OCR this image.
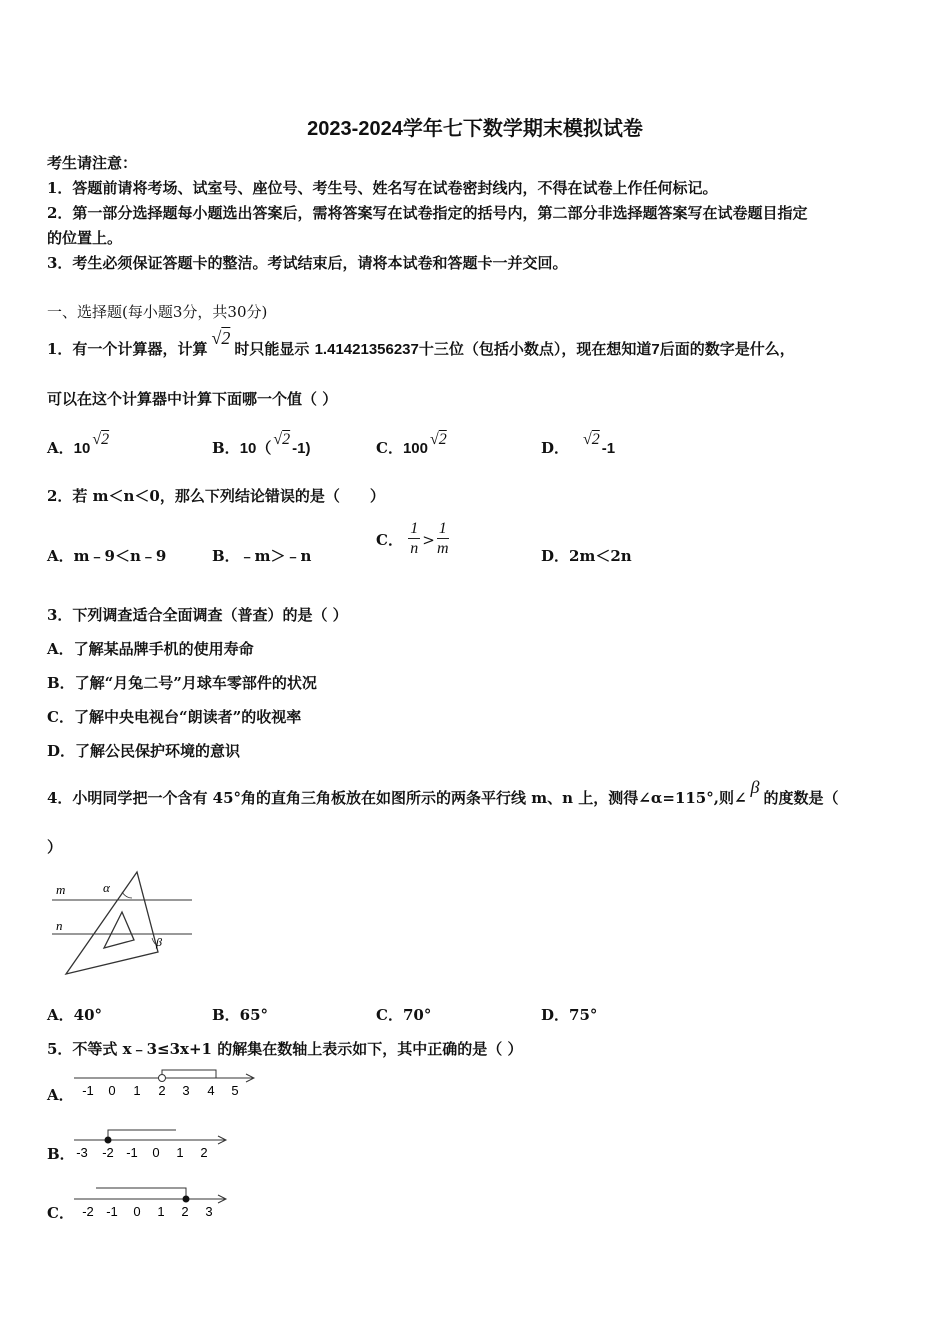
2023-2024学年七下数学期末模拟试卷
考生请注意：
1．答题前请将考场、试室号、座位号、考生号、姓名写在试卷密封线内，不得在试卷上作任何标记。
2．第一部分选择题每小题选出答案后，需将答案写在试卷指定的括号内，第二部分非选择题答案写在试卷题目指定
的位置上。
3．考生必须保证答题卡的整洁。考试结束后，请将本试卷和答题卡一并交回。
一、选择题(每小题3分，共30分)
1．有一个计算器，计算√2时只能显示 1.41421356237十三位（包括小数点），现在想知道7后面的数字是什么，
可以在这个计算器中计算下面哪一个值（ ）
A．10√2	B．10（√2-1)	C．100√2	D． √2-1
2．若 m＜n＜0，那么下列结论错误的是（　　）
A．m﹣9＜n﹣9	B．﹣m＞﹣n
C． $\frac{1}{n} > \frac{1}{m}$	D．2m＜2n
3．下列调查适合全面调查（普查）的是（ ）
A．了解某品牌手机的使用寿命
B．了解“月兔二号”月球车零部件的状况
C．了解中央电视台“朗读者”的收视率
D．了解公民保护环境的意识
4．小明同学把一个含有 45°角的直角三角板放在如图所示的两条平行线 m、n 上，测得∠α=115°,则∠β的度数是（
）
m
n
α
β
A．40°	B．65°	C．70°	D．75°
5．不等式 x﹣3≤3x+1 的解集在数轴上表示如下，其中正确的是（ ）
A． -1 0 1 2 3 4 5
B． -3 -2 -1 0 1 2
C． -2 -1 0 1 2 3
